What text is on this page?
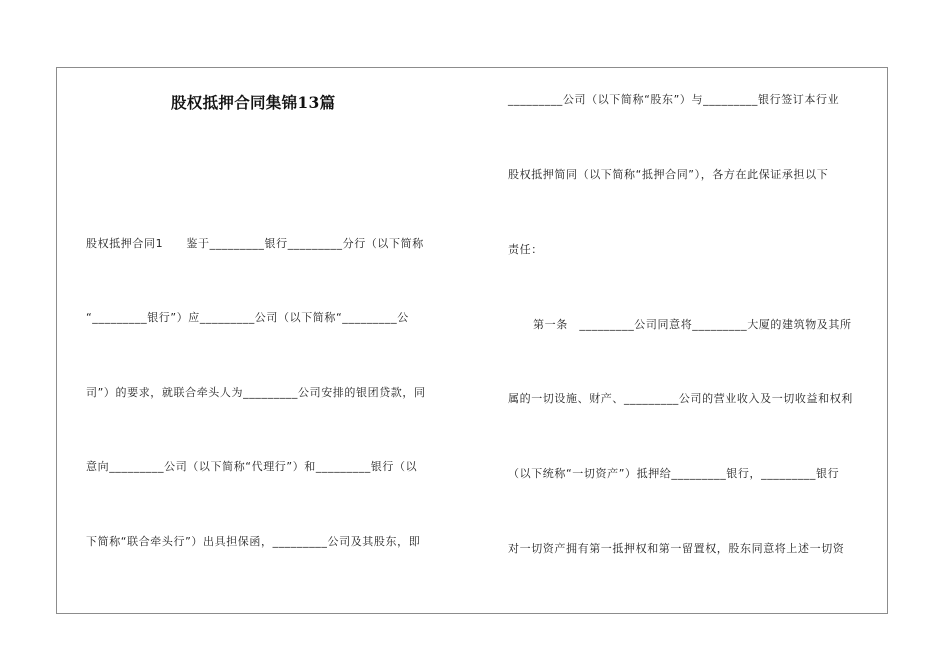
股权抵押合同集锦13篇
股权抵押合同1　　鉴于_________银行_________分行（以下简称
“_________银行”）应_________公司（以下简称“_________公
司”）的要求，就联合牵头人为_________公司安排的银团贷款，同
意向_________公司（以下简称“代理行”）和_________银行（以
下简称“联合牵头行”）出具担保函，_________公司及其股东，即
_________公司（以下简称“股东”）与_________银行签订本行业
股权抵押简同（以下简称“抵押合同”），各方在此保证承担以下
责任：
第一条　_________公司同意将_________大厦的建筑物及其所
属的一切设施、财产、_________公司的营业收入及一切收益和权利
（以下统称“一切资产”）抵押给_________银行，_________银行
对一切资产拥有第一抵押权和第一留置权，股东同意将上述一切资
